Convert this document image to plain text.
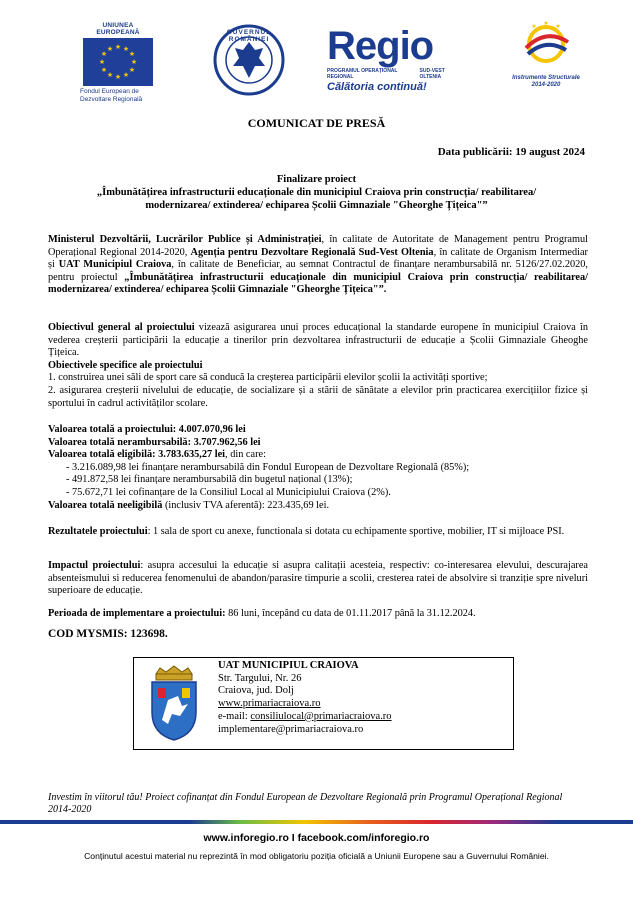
UNIUNEA EUROPEANĂ
★ ★
★
★
★
★
★
★
★
★
★
★
Fondul European de
Dezvoltare Regională
GUVERNUL ROMÂNIEI	Regio
PROGRAMUL OPERAȚIONAL REGIONAL
SUD-VEST OLTENIA
Călătoria continuă!
★ ★
★
Instrumente Structurale
2014-2020
COMUNICAT DE PRESĂ
Data publicării: 19 august 2024
Finalizare proiect
„Îmbunătățirea infrastructurii educaționale din municipiul Craiova prin construcția/ reabilitarea/
modernizarea/ extinderea/ echiparea Școlii Gimnaziale "Gheorghe Țițeica"”

Ministerul Dezvoltării, Lucrărilor Publice și Administrației, în calitate de Autoritate de Management pentru Programul Operațional Regional 2014-2020, Agenția pentru Dezvoltare Regională Sud-Vest Oltenia, în calitate de Organism Intermediar și UAT Municipiul Craiova, în calitate de Beneficiar, au semnat Contractul de finanțare nerambursabilă nr. 5126/27.02.2020, pentru proiectul „Îmbunătățirea infrastructurii educaționale din municipiul Craiova prin construcția/ reabilitarea/ modernizarea/ extinderea/ echiparea Școlii Gimnaziale "Gheorghe Țițeica"”.

Obiectivul general al proiectului vizează asigurarea unui proces educațional la standarde europene în municipiul Craiova în vederea creșterii participării la educație a tinerilor prin dezvoltarea infrastructurii de educație a Școlii Gimnaziale Gheoghe Țițeica.

Obiectivele specifice ale proiectului

1. construirea unei săli de sport care să conducă la creșterea participării elevilor școlii la activități sportive;

2. asigurarea creșterii nivelului de educație, de socializare și a stării de sănătate a elevilor prin practicarea exercițiilor fizice și sportului în cadrul activităților scolare.

Valoarea totală a proiectului: 4.007.070,96 lei

Valoarea totală nerambursabilă: 3.707.962,56 lei

Valoarea totală eligibilă: 3.783.635,27 lei, din care:

- 3.216.089,98 lei finanțare nerambursabilă din Fondul European de Dezvoltare Regională (85%);

- 491.872,58 lei finanțare nerambursabilă din bugetul național (13%);

- 75.672,71 lei cofinanțare de la Consiliul Local al Municipiului Craiova (2%).

Valoarea totală neeligibilă (inclusiv TVA aferentă): 223.435,69 lei.

Rezultatele proiectului: 1 sala de sport cu anexe, functionala si dotata cu echipamente sportive, mobilier, IT si mijloace PSI.

Impactul proiectului: asupra accesului la educație si asupra calitații acesteia, respectiv: co-interesarea elevului, descurajarea absenteismului si reducerea fenomenului de abandon/parasire timpurie a scolii, cresterea ratei de absolvire si tranziție spre niveluri superioare de educație.

Perioada de implementare a proiectului: 86 luni, începând cu data de 01.11.2017 până la 31.12.2024.

COD MYSMIS: 123698.
UAT MUNICIPIUL CRAIOVA
Str. Targului, Nr. 26
Craiova, jud. Dolj
www.primariacraiova.ro
e-mail: consiliulocal@primariacraiova.ro
implementare@primariacraiova.ro
Investim în viitorul tău! Proiect cofinanțat din Fondul European de Dezvoltare Regională prin Programul Operațional Regional 2014-2020
www.inforegio.ro I facebook.com/inforegio.ro
Conținutul acestui material nu reprezintă în mod obligatoriu poziția oficială a Uniunii Europene sau a Guvernului României.
